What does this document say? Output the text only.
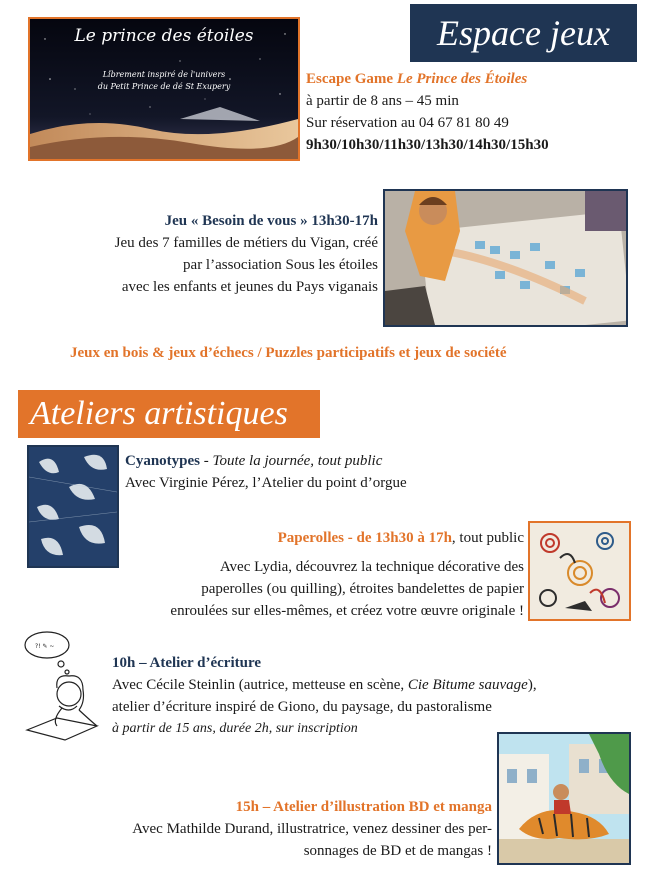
Espace jeux
Le prince des étoiles
Librement inspiré de l'univers
du Petit Prince de dé St Exupery	Escape Game Le Prince des Étoiles
à partir de 8 ans – 45 min
Sur réservation au 04 67 81 80 49
9h30/10h30/11h30/13h30/14h30/15h30
Jeu « Besoin de vous » 13h30-17h
Jeu des 7 familles de métiers du Vigan, créé
par l’association Sous les étoiles
avec les enfants et jeunes du Pays viganais
Jeux en bois & jeux d’échecs / Puzzles participatifs et jeux de société
Ateliers artistiques
Cyanotypes - Toute la journée, tout public
Avec Virginie Pérez, l’Atelier du point d’orgue
Paperolles - de 13h30 à 17h, tout public
Avec Lydia, découvrez la technique décorative des
paperolles (ou quilling), étroites bandelettes de papier
enroulées sur elles-mêmes, et créez votre œuvre originale !
?! ✎ ~
10h – Atelier d’écriture
Avec Cécile Steinlin (autrice, metteuse en scène, Cie Bitume sauvage),
atelier d’écriture inspiré de Giono, du paysage, du pastoralisme
à partir de 15 ans, durée 2h, sur inscription
15h – Atelier d’illustration BD et manga
Avec Mathilde Durand, illustratrice, venez dessiner des per-
sonnages de BD et de mangas !
